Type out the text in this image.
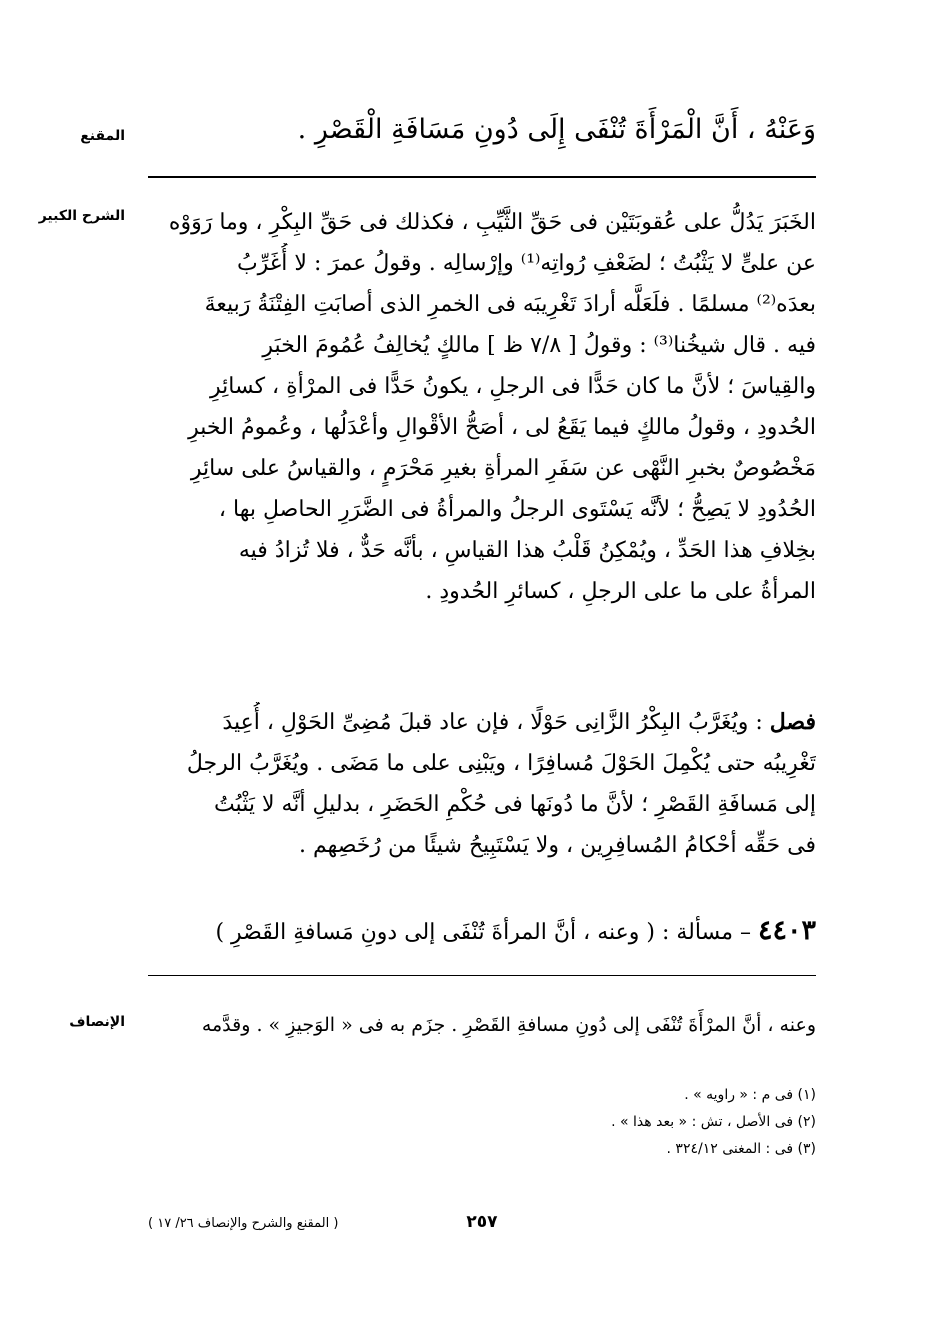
المقنع	وَعَنْهُ ، أَنَّ الْمَرْأَةَ تُنْفَى إِلَى دُونِ مَسَافَةِ الْقَصْرِ .
الشرح الكبير	الخَبَرَ يَدُلُّ على عُقوبَتَيْن فى حَقِّ الثَّيِّبِ ، فكذلك فى حَقِّ البِكْرِ ، وما رَوَوْه
عن علىٍّ لا يَثْبُتُ ؛ لضَعْفِ رُواتِه⁽¹⁾ وإرْسالِه . وقولُ عمرَ : لا أُغَرِّبُ
بعدَه⁽²⁾ مسلمًا . فلَعَلَّه أرادَ تَغْرِيبَه فى الخمرِ الذى أصابَتِ الفِتْنَةُ رَبيعةَ
فيه . قال شيخُنا⁽³⁾ : وقولُ [ ٧/٨ ظ ] مالكٍ يُخالِفُ عُمُومَ الخبَرِ
والقِياسَ ؛ لأنَّ ما كان حَدًّا فى الرجلِ ، يكونُ حَدًّا فى المرْأةِ ، كسائِرِ
الحُدودِ ، وقولُ مالكٍ فيما يَقَعُ لى ، أصَحُّ الأقْوالِ وأعْدَلُها ، وعُمومُ الخبرِ
مَخْصُوصٌ بخبرِ النَّهْى عن سَفَرِ المرأةِ بغيرِ مَحْرَمٍ ، والقياسُ على سائِرِ
الحُدُودِ لا يَصِحُّ ؛ لأنَّه يَسْتَوى الرجلُ والمرأةُ فى الضَّرَرِ الحاصلِ بها ،
بخِلافِ هذا الحَدِّ ، ويُمْكِنُ قَلْبُ هذا القياسِ ، بأنَّه حَدٌّ ، فلا تُزادُ فيه
المرأةُ على ما على الرجلِ ، كسائرِ الحُدودِ .
فصل : ويُغَرَّبُ البِكْرُ الزَّانِى حَوْلًا ، فإن عاد قبلَ مُضِىِّ الحَوْلِ ، أُعِيدَ
تَغْرِيبُه حتى يُكْمِلَ الحَوْلَ مُسافِرًا ، ويَبْنِى على ما مَضَى . ويُغَرَّبُ الرجلُ
إلى مَسافَةِ القَصْرِ ؛ لأنَّ ما دُونَها فى حُكْمِ الحَضَرِ ، بدليلِ أنَّه لا يَثْبُتُ
فى حَقِّه أحْكامُ المُسافِرِين ، ولا يَسْتَبِيحُ شيئًا من رُخَصِهم .
٤٤٠٣ – مسألة : ( وعنه ، أنَّ المرأةَ تُنْفَى إلى دونِ مَسافةِ القَصْرِ )
الإنصاف	وعنه ، أنَّ المرْأَةَ تُنْفَى إلى دُونِ مسافةِ القَصْرِ . جزَم به فى « الوَجيزِ » . وقدَّمه
(١) فى م : « راويه » .
(٢) فى الأصل ، تش : « بعد هذا » .
(٣) فى : المغنى ٣٢٤/١٢ .
٢٥٧
( المقنع والشرح والإنصاف ٢٦/ ١٧ )
